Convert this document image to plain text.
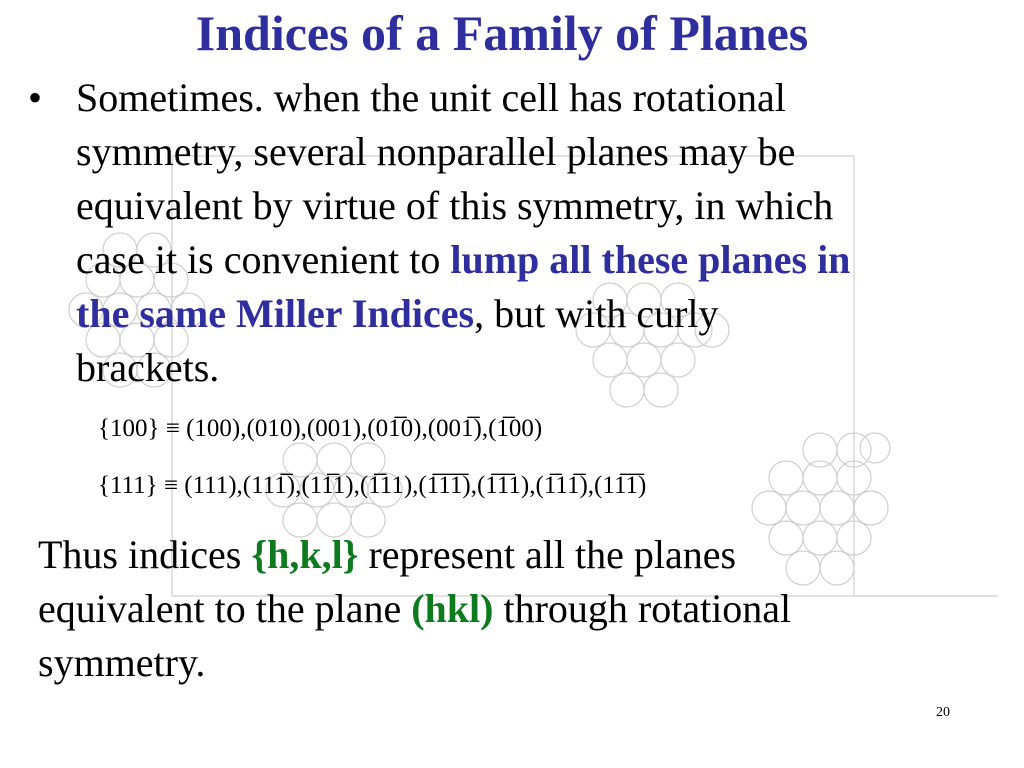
Indices of a Family of Planes
• Sometimes. when the unit cell has rotational
symmetry, several nonparallel planes may be
equivalent by virtue of this symmetry, in which
case it is convenient to lump all these planes in
the same Miller Indices, but with curly
brackets.
{100} ≡ (100),(010),(001),(01̅0),(001̅),(1̅00)
{111} ≡ (111),(111̅),(11̅1),(1̅11),(1̅1̅1̅),(1̅1̅1),(1̅11̅),(11̅1̅)
Thus indices {h,k,l} represent all the planes
equivalent to the plane (hkl) through rotational
symmetry.
20
